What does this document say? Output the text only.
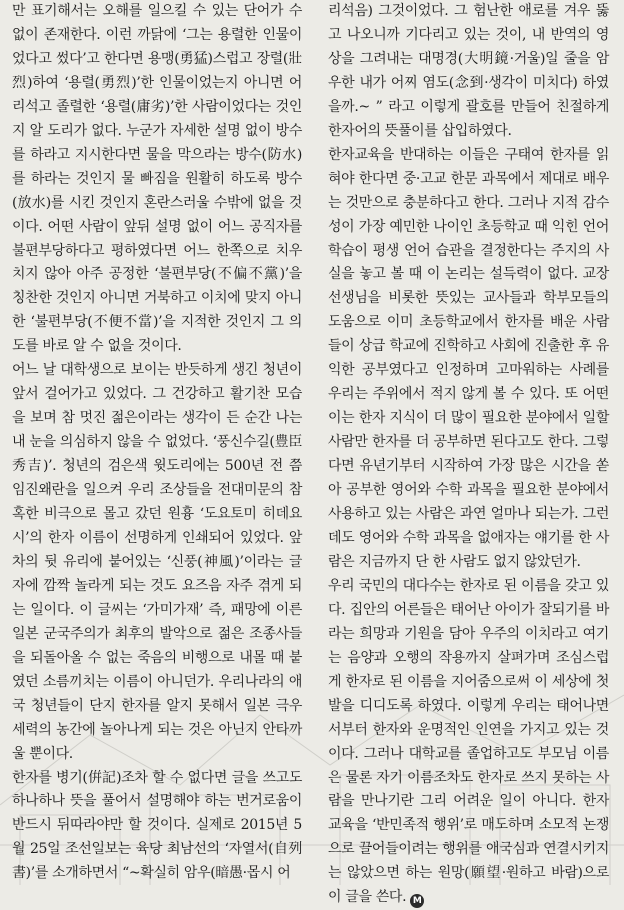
만 표기해서는 오해를 일으킬 수 있는 단어가 수없이 존재한다. 이런 까닭에 ‘그는 용렬한 인물이었다고 썼다’고 한다면 용맹(勇猛)스럽고 장렬(壯烈)하여 ‘용렬(勇烈)’한 인물이었는지 아니면 어리석고 졸렬한 ‘용렬(庸劣)’한 사람이었다는 것인지 알 도리가 없다. 누군가 자세한 설명 없이 방수를 하라고 지시한다면 물을 막으라는 방수(防水)를 하라는 것인지 물 빠짐을 원활히 하도록 방수(放水)를 시킨 것인지 혼란스러울 수밖에 없을 것이다. 어떤 사람이 앞뒤 설명 없이 어느 공직자를 불편부당하다고 평하였다면 어느 한쪽으로 치우치지 않아 아주 공정한 ‘불편부당(不偏不黨)’을 칭찬한 것인지 아니면 거북하고 이치에 맞지 아니한 ‘불편부당(不便不當)’을 지적한 것인지 그 의도를 바로 알 수 없을 것이다.

어느 날 대학생으로 보이는 반듯하게 생긴 청년이 앞서 걸어가고 있었다. 그 건강하고 활기찬 모습을 보며 참 멋진 젊은이라는 생각이 든 순간 나는 내 눈을 의심하지 않을 수 없었다. ‘풍신수길(豊臣秀吉)’. 청년의 검은색 윗도리에는 500년 전 쯤 임진왜란을 일으켜 우리 조상들을 전대미문의 참혹한 비극으로 몰고 갔던 원흉 ‘도요토미 히데요시’의 한자 이름이 선명하게 인쇄되어 있었다. 앞차의 뒷 유리에 붙어있는 ‘신풍(神風)’이라는 글자에 깜짝 놀라게 되는 것도 요즈음 자주 겪게 되는 일이다. 이 글씨는 ‘가미가재’ 즉, 패망에 이른 일본 군국주의가 최후의 발악으로 젊은 조종사들을 되돌아올 수 없는 죽음의 비행으로 내몰 때 붙였던 소름끼치는 이름이 아니던가. 우리나라의 애국 청년들이 단지 한자를 알지 못해서 일본 극우 세력의 농간에 놀아나게 되는 것은 아닌지 안타까울 뿐이다.

한자를 병기(倂記)조차 할 수 없다면 글을 쓰고도 하나하나 뜻을 풀어서 설명해야 하는 번거로움이 반드시 뒤따라야만 할 것이다. 실제로 2015년 5월 25일 조선일보는 육당 최남선의 ‘자열서(自列書)’를 소개하면서 “~확실히 암우(暗愚·몹시 어

리석음) 그것이었다. 그 험난한 애로를 겨우 뚫고 나오니까 기다리고 있는 것이, 내 반역의 영상을 그려내는 대명경(大明鏡·거울)일 줄을 암우한 내가 어찌 염도(念到·생각이 미치다) 하였을까.~ ” 라고 이렇게 괄호를 만들어 친절하게 한자어의 뜻풀이를 삽입하였다.

한자교육을 반대하는 이들은 구태여 한자를 읽혀야 한다면 중·고교 한문 과목에서 제대로 배우는 것만으로 충분하다고 한다. 그러나 지적 감수성이 가장 예민한 나이인 초등학교 때 익힌 언어학습이 평생 언어 습관을 결정한다는 주지의 사실을 놓고 볼 때 이 논리는 설득력이 없다. 교장 선생님을 비롯한 뜻있는 교사들과 학부모들의 도움으로 이미 초등학교에서 한자를 배운 사람들이 상급 학교에 진학하고 사회에 진출한 후 유익한 공부였다고 인정하며 고마워하는 사례를 우리는 주위에서 적지 않게 볼 수 있다. 또 어떤 이는 한자 지식이 더 많이 필요한 분야에서 일할 사람만 한자를 더 공부하면 된다고도 한다. 그렇다면 유년기부터 시작하여 가장 많은 시간을 쏟아 공부한 영어와 수학 과목을 필요한 분야에서 사용하고 있는 사람은 과연 얼마나 되는가. 그런데도 영어와 수학 과목을 없애자는 얘기를 한 사람은 지금까지 단 한 사람도 없지 않았던가.

우리 국민의 대다수는 한자로 된 이름을 갖고 있다. 집안의 어른들은 태어난 아이가 잘되기를 바라는 희망과 기원을 담아 우주의 이치라고 여기는 음양과 오행의 작용까지 살펴가며 조심스럽게 한자로 된 이름을 지어줌으로써 이 세상에 첫 발을 디디도록 하였다. 이렇게 우리는 태어나면서부터 한자와 운명적인 인연을 가지고 있는 것이다. 그러나 대학교를 졸업하고도 부모님 이름은 물론 자기 이름조차도 한자로 쓰지 못하는 사람을 만나기란 그리 어려운 일이 아니다. 한자 교육을 ‘반민족적 행위’로 매도하며 소모적 논쟁으로 끌어들이려는 행위를 애국심과 연결시키지는 않았으면 하는 원망(願望·원하고 바람)으로 이 글을 쓴다. M
